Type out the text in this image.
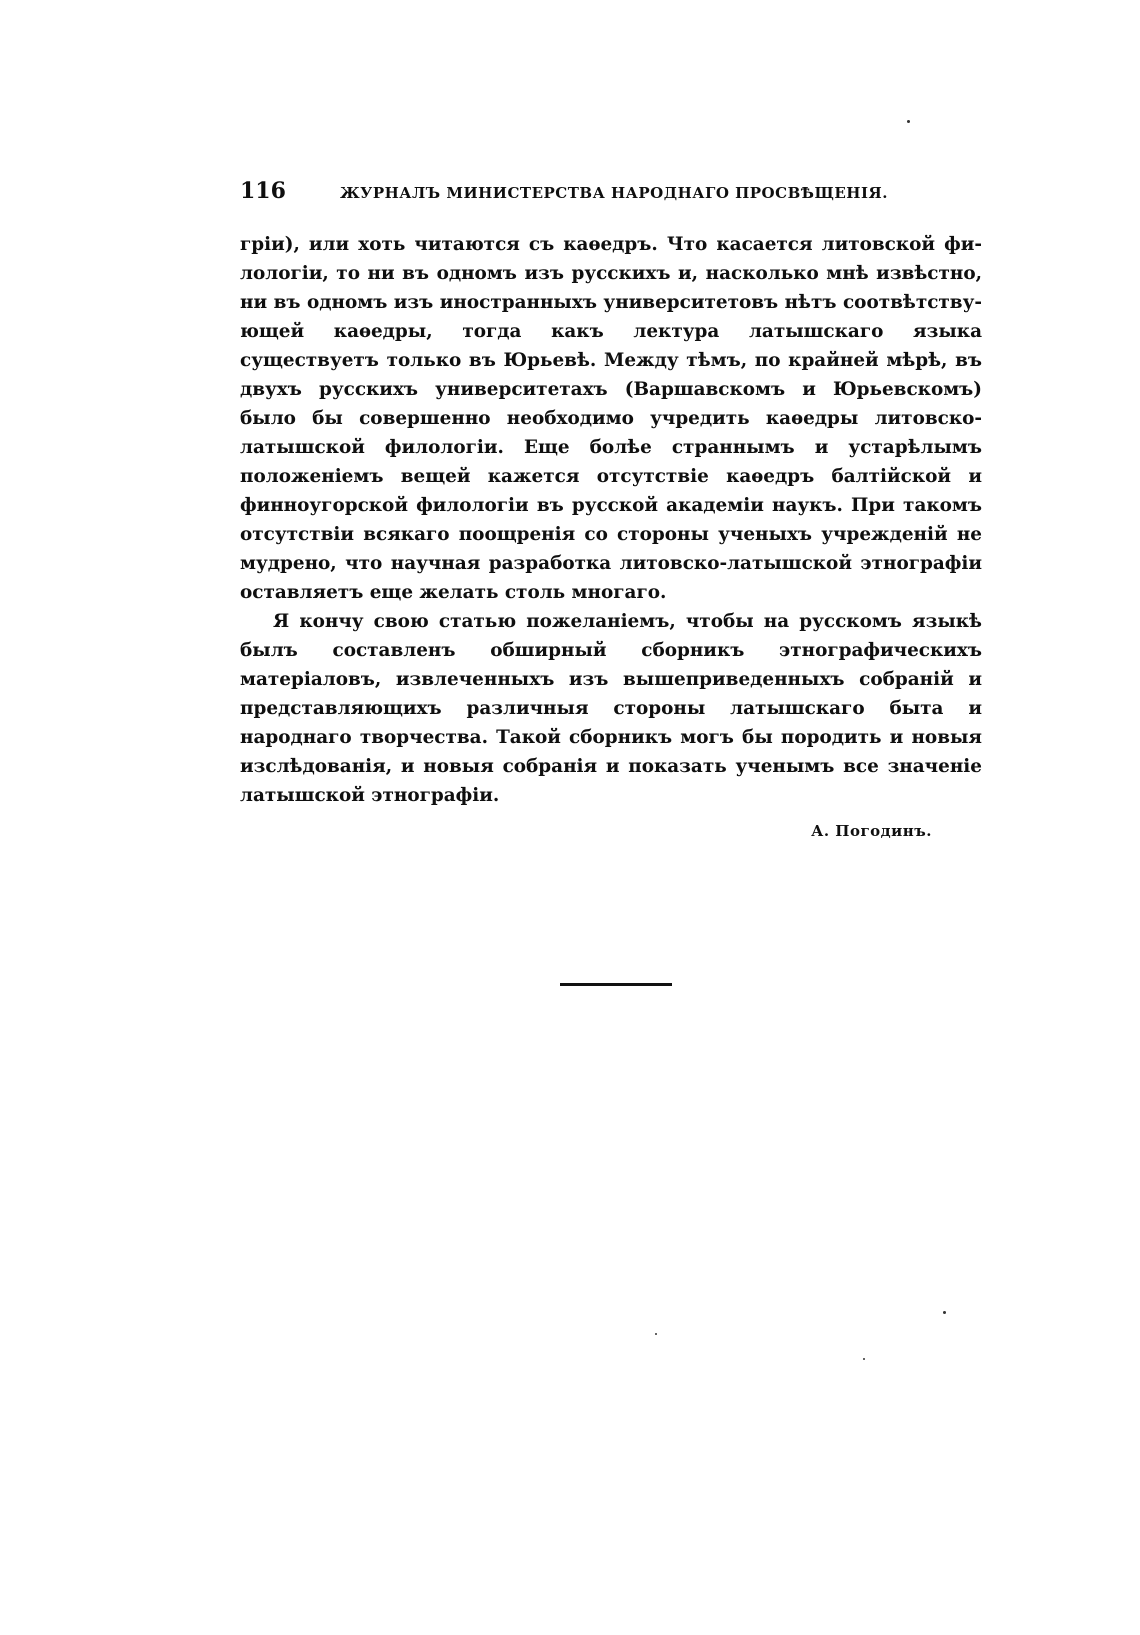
116	ЖУРНАЛЪ МИНИСТЕРСТВА НАРОДНАГО ПРОСВѢЩЕНІЯ.

гріи), или хоть читаются съ каѳедръ. Что касается литовской филологіи, то ни въ одномъ изъ русскихъ и, насколько мнѣ извѣстно, ни въ одномъ изъ иностранныхъ университетовъ нѣтъ соотвѣтствующей каѳедры, тогда какъ лектура латышскаго языка существуетъ только въ Юрьевѣ. Между тѣмъ, по крайней мѣрѣ, въ двухъ русскихъ университетахъ (Варшавскомъ и Юрьевскомъ) было бы совершенно необходимо учредить каѳедры литовско-латышской филологіи. Еще болѣе страннымъ и устарѣлымъ положеніемъ вещей кажется отсутствіе каѳедръ балтійской и финноугорской филологіи въ русской академіи наукъ. При такомъ отсутствіи всякаго поощренія со стороны ученыхъ учрежденій не мудрено, что научная разработка литовско-латышской этнографіи оставляетъ еще желать столь многаго.

Я кончу свою статью пожеланіемъ, чтобы на русскомъ языкѣ былъ составленъ обширный сборникъ этнографическихъ матеріаловъ, извлеченныхъ изъ вышеприведенныхъ собраній и представляющихъ различныя стороны латышскаго быта и народнаго творчества. Такой сборникъ могъ бы породить и новыя изслѣдованія, и новыя собранія и показать ученымъ все значеніе латышской этнографіи.

А. Погодинъ.
